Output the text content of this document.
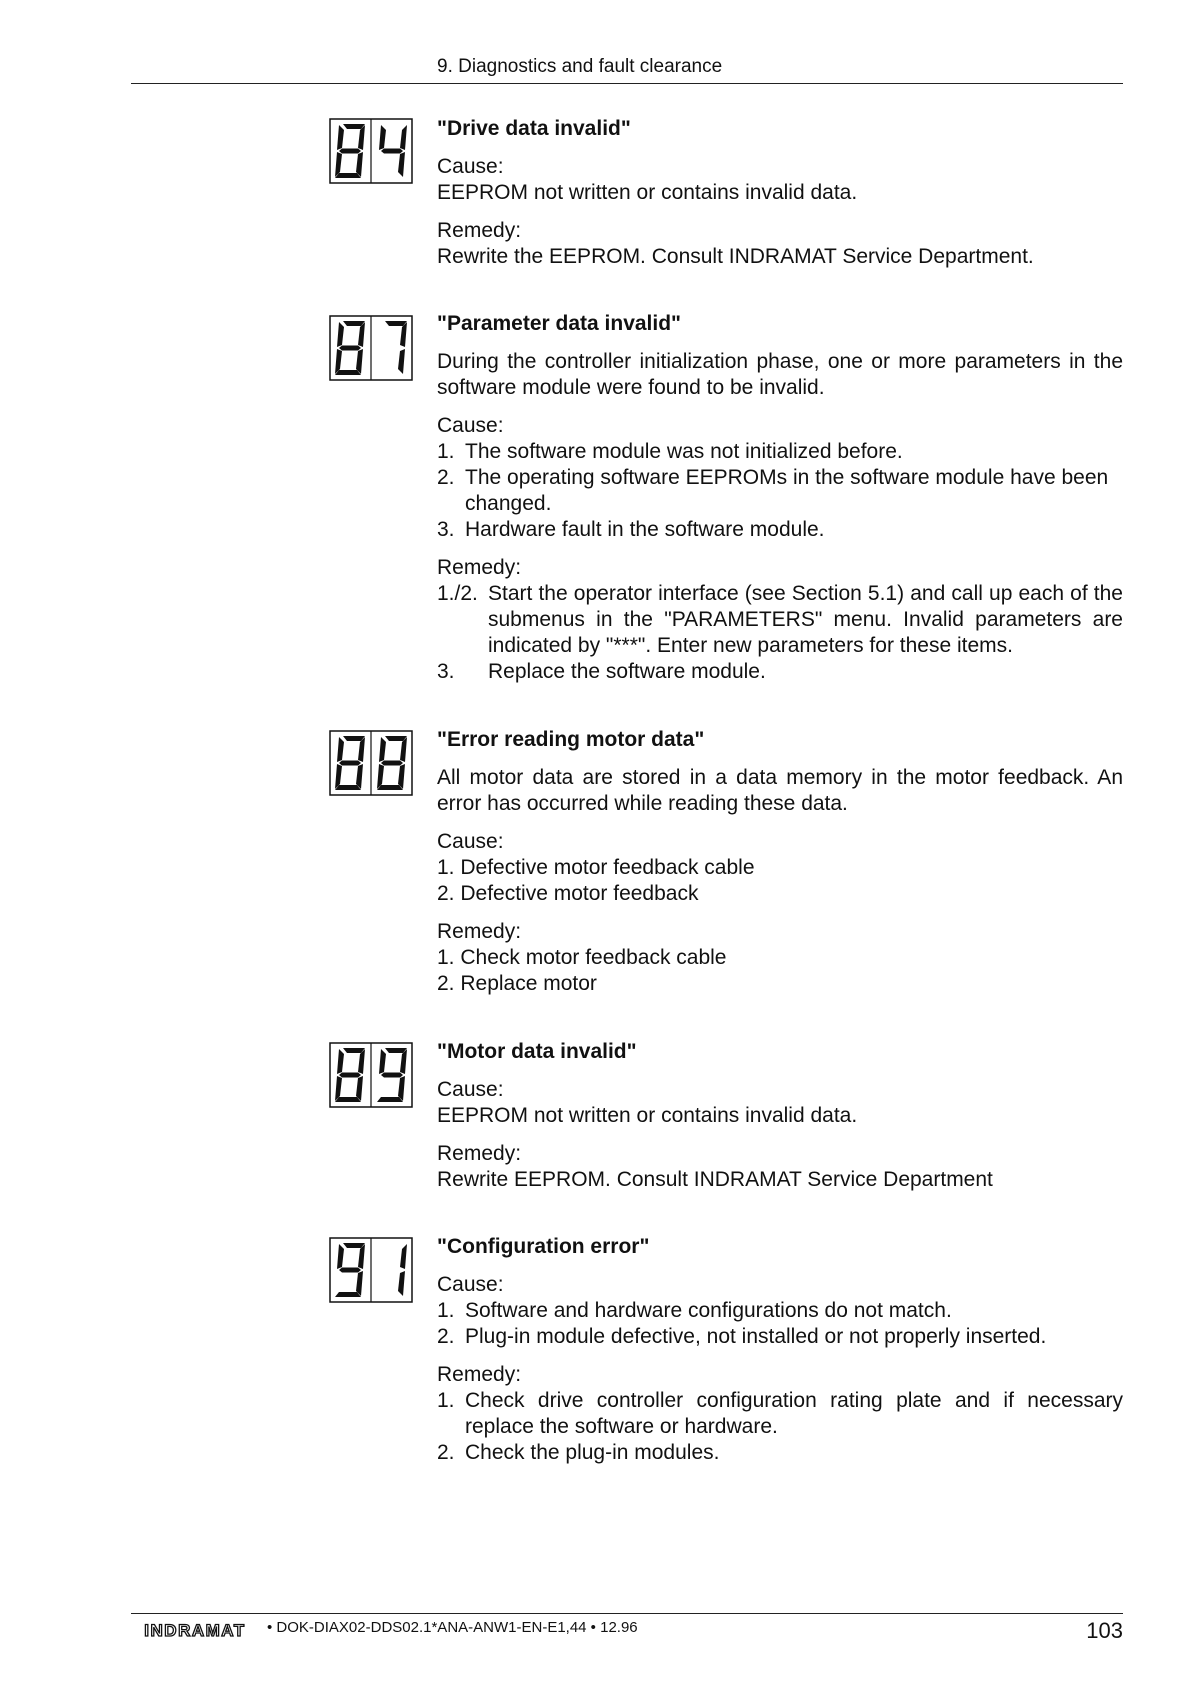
9. Diagnostics and fault clearance

"Drive data invalid"

Cause:

EEPROM not written or contains invalid data.

Remedy:

Rewrite the EEPROM. Consult INDRAMAT Service Department.

"Parameter data invalid"

During the controller initialization phase, one or more parameters in the software module were found to be invalid.

Cause:

1. The software module was not initialized before.
2. The operating software EEPROMs in the software module have been changed.
3. Hardware fault in the software module.

Remedy:

1./2. Start the operator interface (see Section 5.1) and call up each of the submenus in the "PARAMETERS" menu. Invalid parameters are indicated by "***". Enter new parameters for these items.
3.	Replace the software module.

"Error reading motor data"

All motor data are stored in a data memory in the motor feedback. An error has occurred while reading these data.

Cause:

1. Defective motor feedback cable

2. Defective motor feedback

Remedy:

1. Check motor feedback cable

2. Replace motor

"Motor data invalid"

Cause:

EEPROM not written or contains invalid data.

Remedy:

Rewrite EEPROM. Consult INDRAMAT Service Department

"Configuration error"

Cause:

1. Software and hardware configurations do not match.
2. Plug-in module defective, not installed or not properly inserted.

Remedy:

1. Check drive controller configuration rating plate and if necessary replace the software or hardware.
2. Check the plug-in modules.
INDRAMAT • DOK-DIAX02-DDS02.1*ANA-ANW1-EN-E1,44 • 12.96	103
